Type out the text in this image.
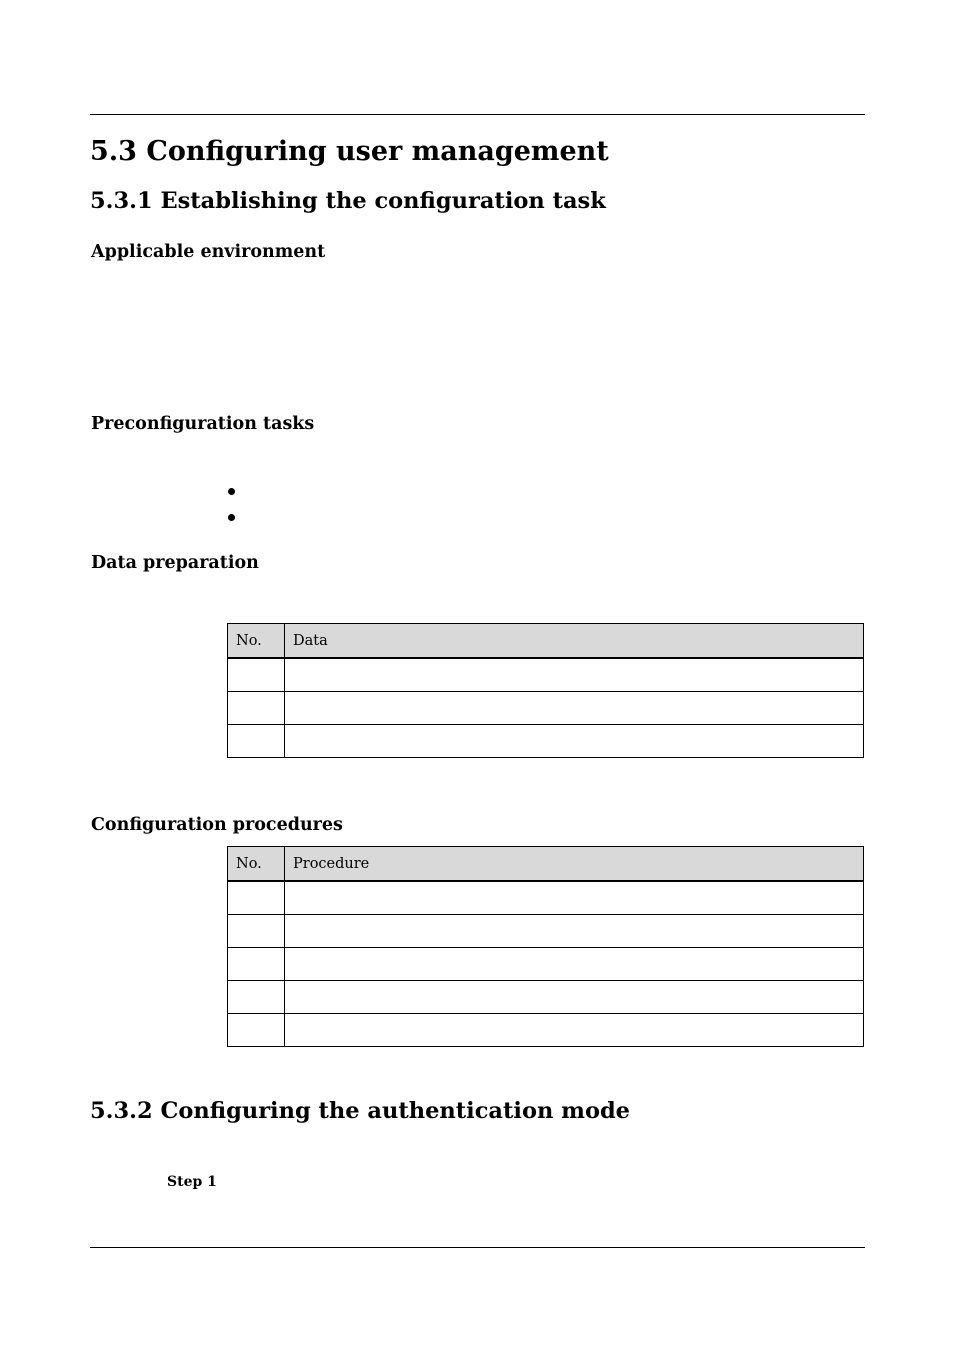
5.3 Configuring user management
5.3.1 Establishing the configuration task
Applicable environment
Preconfiguration tasks
Data preparation
No.	Data

Configuration procedures
No.	Procedure

5.3.2 Configuring the authentication mode
Step 1
